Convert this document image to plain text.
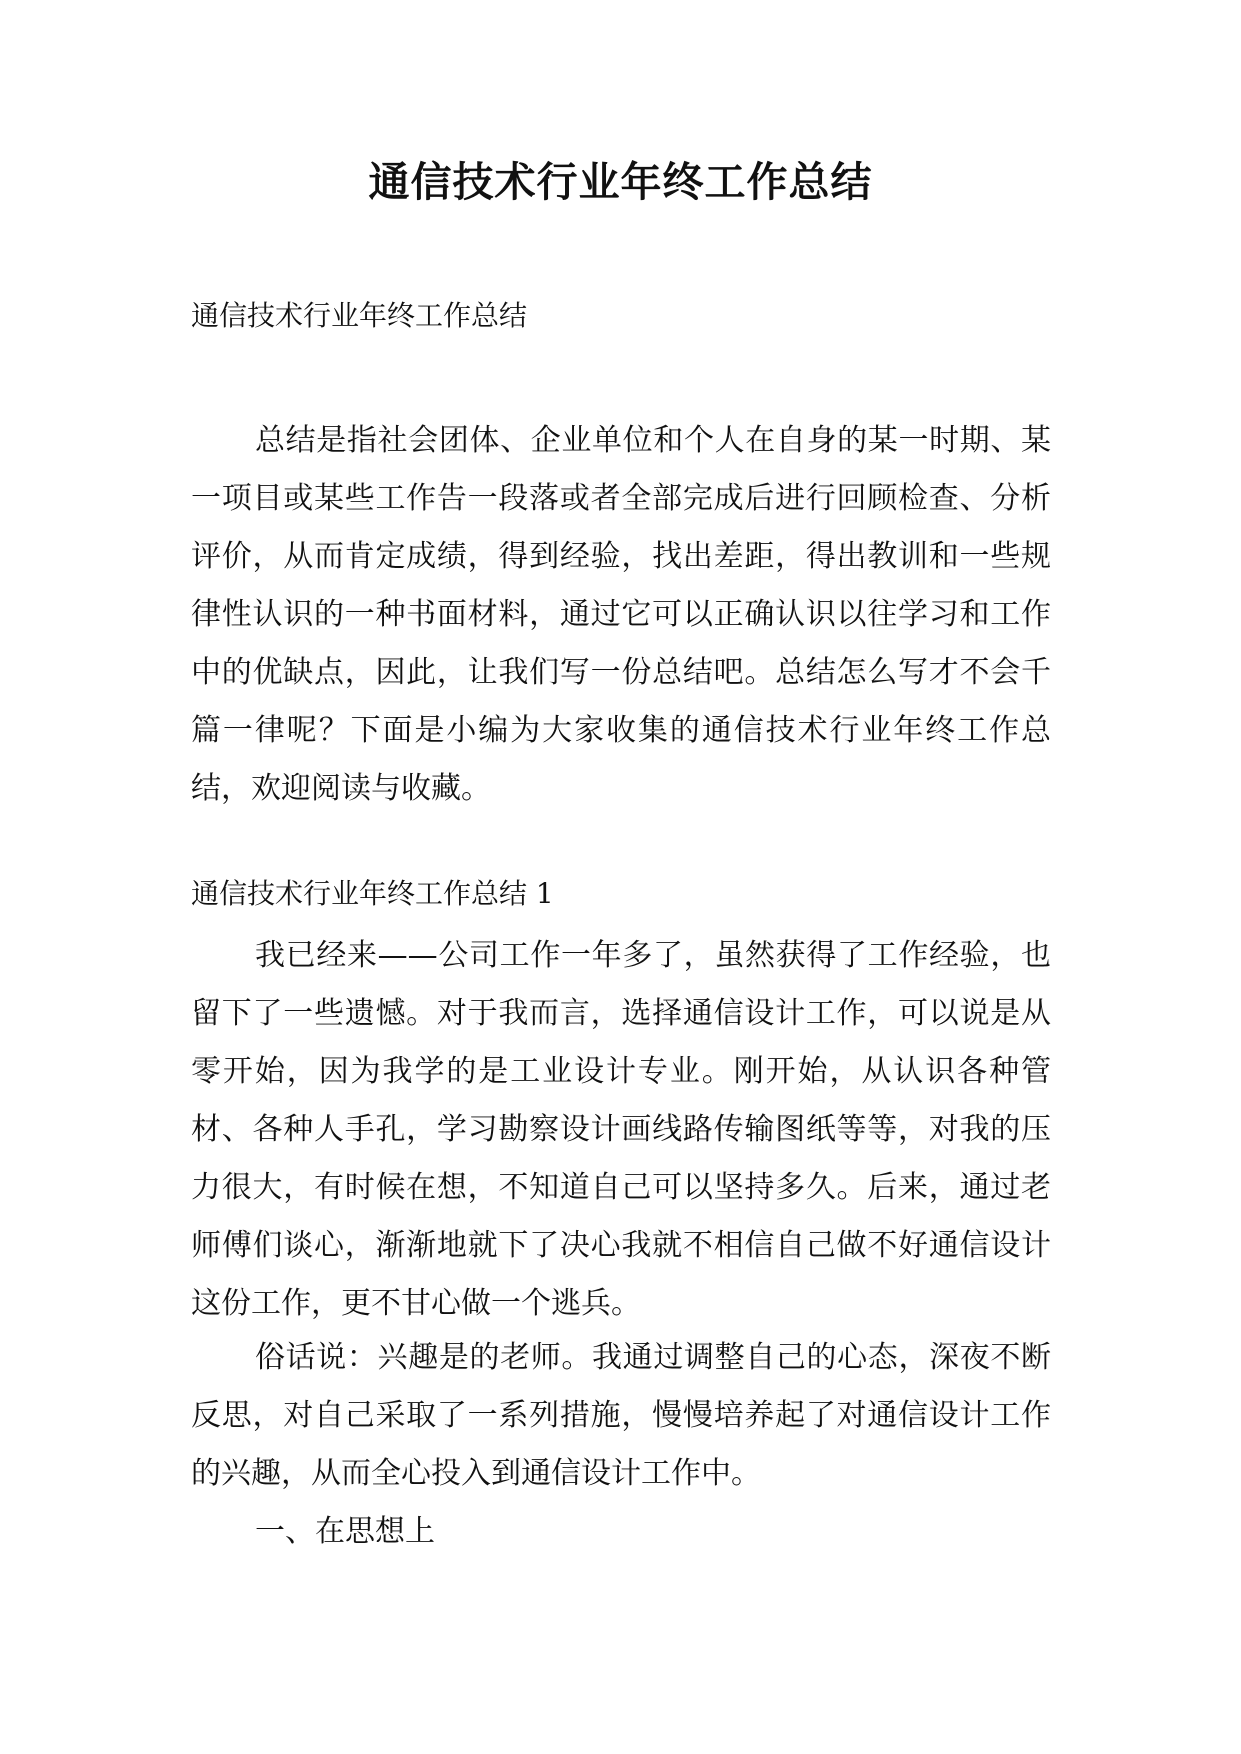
通信技术行业年终工作总结

通信技术行业年终工作总结

总结是指社会团体、企业单位和个人在自身的某一时期、某一项目或某些工作告一段落或者全部完成后进行回顾检查、分析评价，从而肯定成绩，得到经验，找出差距，得出教训和一些规律性认识的一种书面材料，通过它可以正确认识以往学习和工作中的优缺点，因此，让我们写一份总结吧。总结怎么写才不会千篇一律呢？下面是小编为大家收集的通信技术行业年终工作总结，欢迎阅读与收藏。

通信技术行业年终工作总结 1

我已经来——公司工作一年多了，虽然获得了工作经验，也留下了一些遗憾。对于我而言，选择通信设计工作，可以说是从零开始，因为我学的是工业设计专业。刚开始，从认识各种管材、各种人手孔，学习勘察设计画线路传输图纸等等，对我的压力很大，有时候在想，不知道自己可以坚持多久。后来，通过老师傅们谈心，渐渐地就下了决心我就不相信自己做不好通信设计这份工作，更不甘心做一个逃兵。

俗话说：兴趣是的老师。我通过调整自己的心态，深夜不断反思，对自己采取了一系列措施，慢慢培养起了对通信设计工作的兴趣，从而全心投入到通信设计工作中。

一、在思想上
